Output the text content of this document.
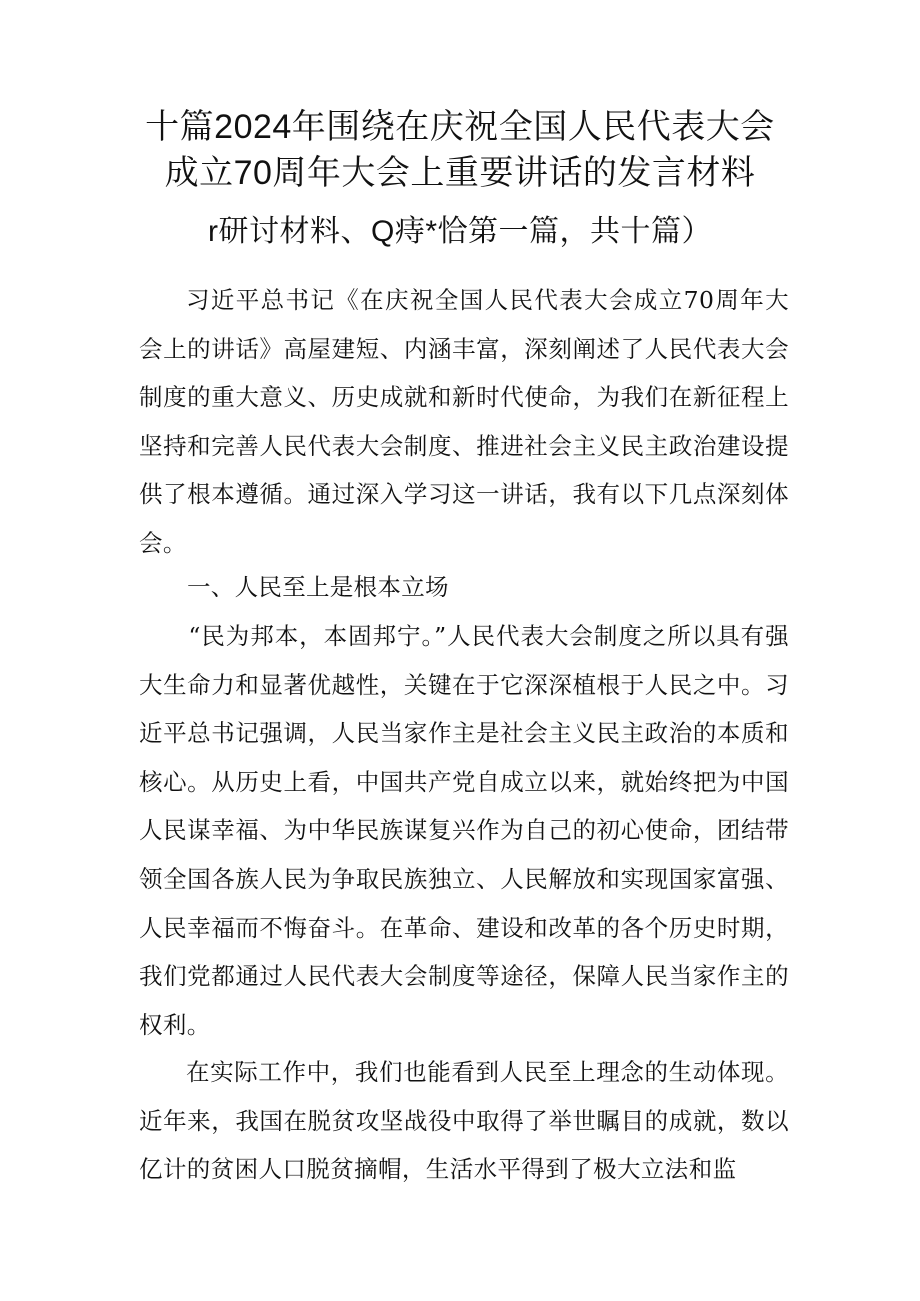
十篇2024年围绕在庆祝全国人民代表大会
成立70周年大会上重要讲话的发言材料
r研讨材料、Q痔*恰第一篇，共十篇）

习近平总书记《在庆祝全国人民代表大会成立70周年大会上的讲话》高屋建短、内涵丰富，深刻阐述了人民代表大会制度的重大意义、历史成就和新时代使命，为我们在新征程上坚持和完善人民代表大会制度、推进社会主义民主政治建设提供了根本遵循。通过深入学习这一讲话，我有以下几点深刻体会。

一、人民至上是根本立场

“民为邦本，本固邦宁。”人民代表大会制度之所以具有强大生命力和显著优越性，关键在于它深深植根于人民之中。习近平总书记强调，人民当家作主是社会主义民主政治的本质和核心。从历史上看，中国共产党自成立以来，就始终把为中国人民谋幸福、为中华民族谋复兴作为自己的初心使命，团结带领全国各族人民为争取民族独立、人民解放和实现国家富强、人民幸福而不悔奋斗。在革命、建设和改革的各个历史时期，我们党都通过人民代表大会制度等途径，保障人民当家作主的权利。

在实际工作中，我们也能看到人民至上理念的生动体现。近年来，我国在脱贫攻坚战役中取得了举世瞩目的成就，数以亿计的贫困人口脱贫摘帽，生活水平得到了极大立法和监
